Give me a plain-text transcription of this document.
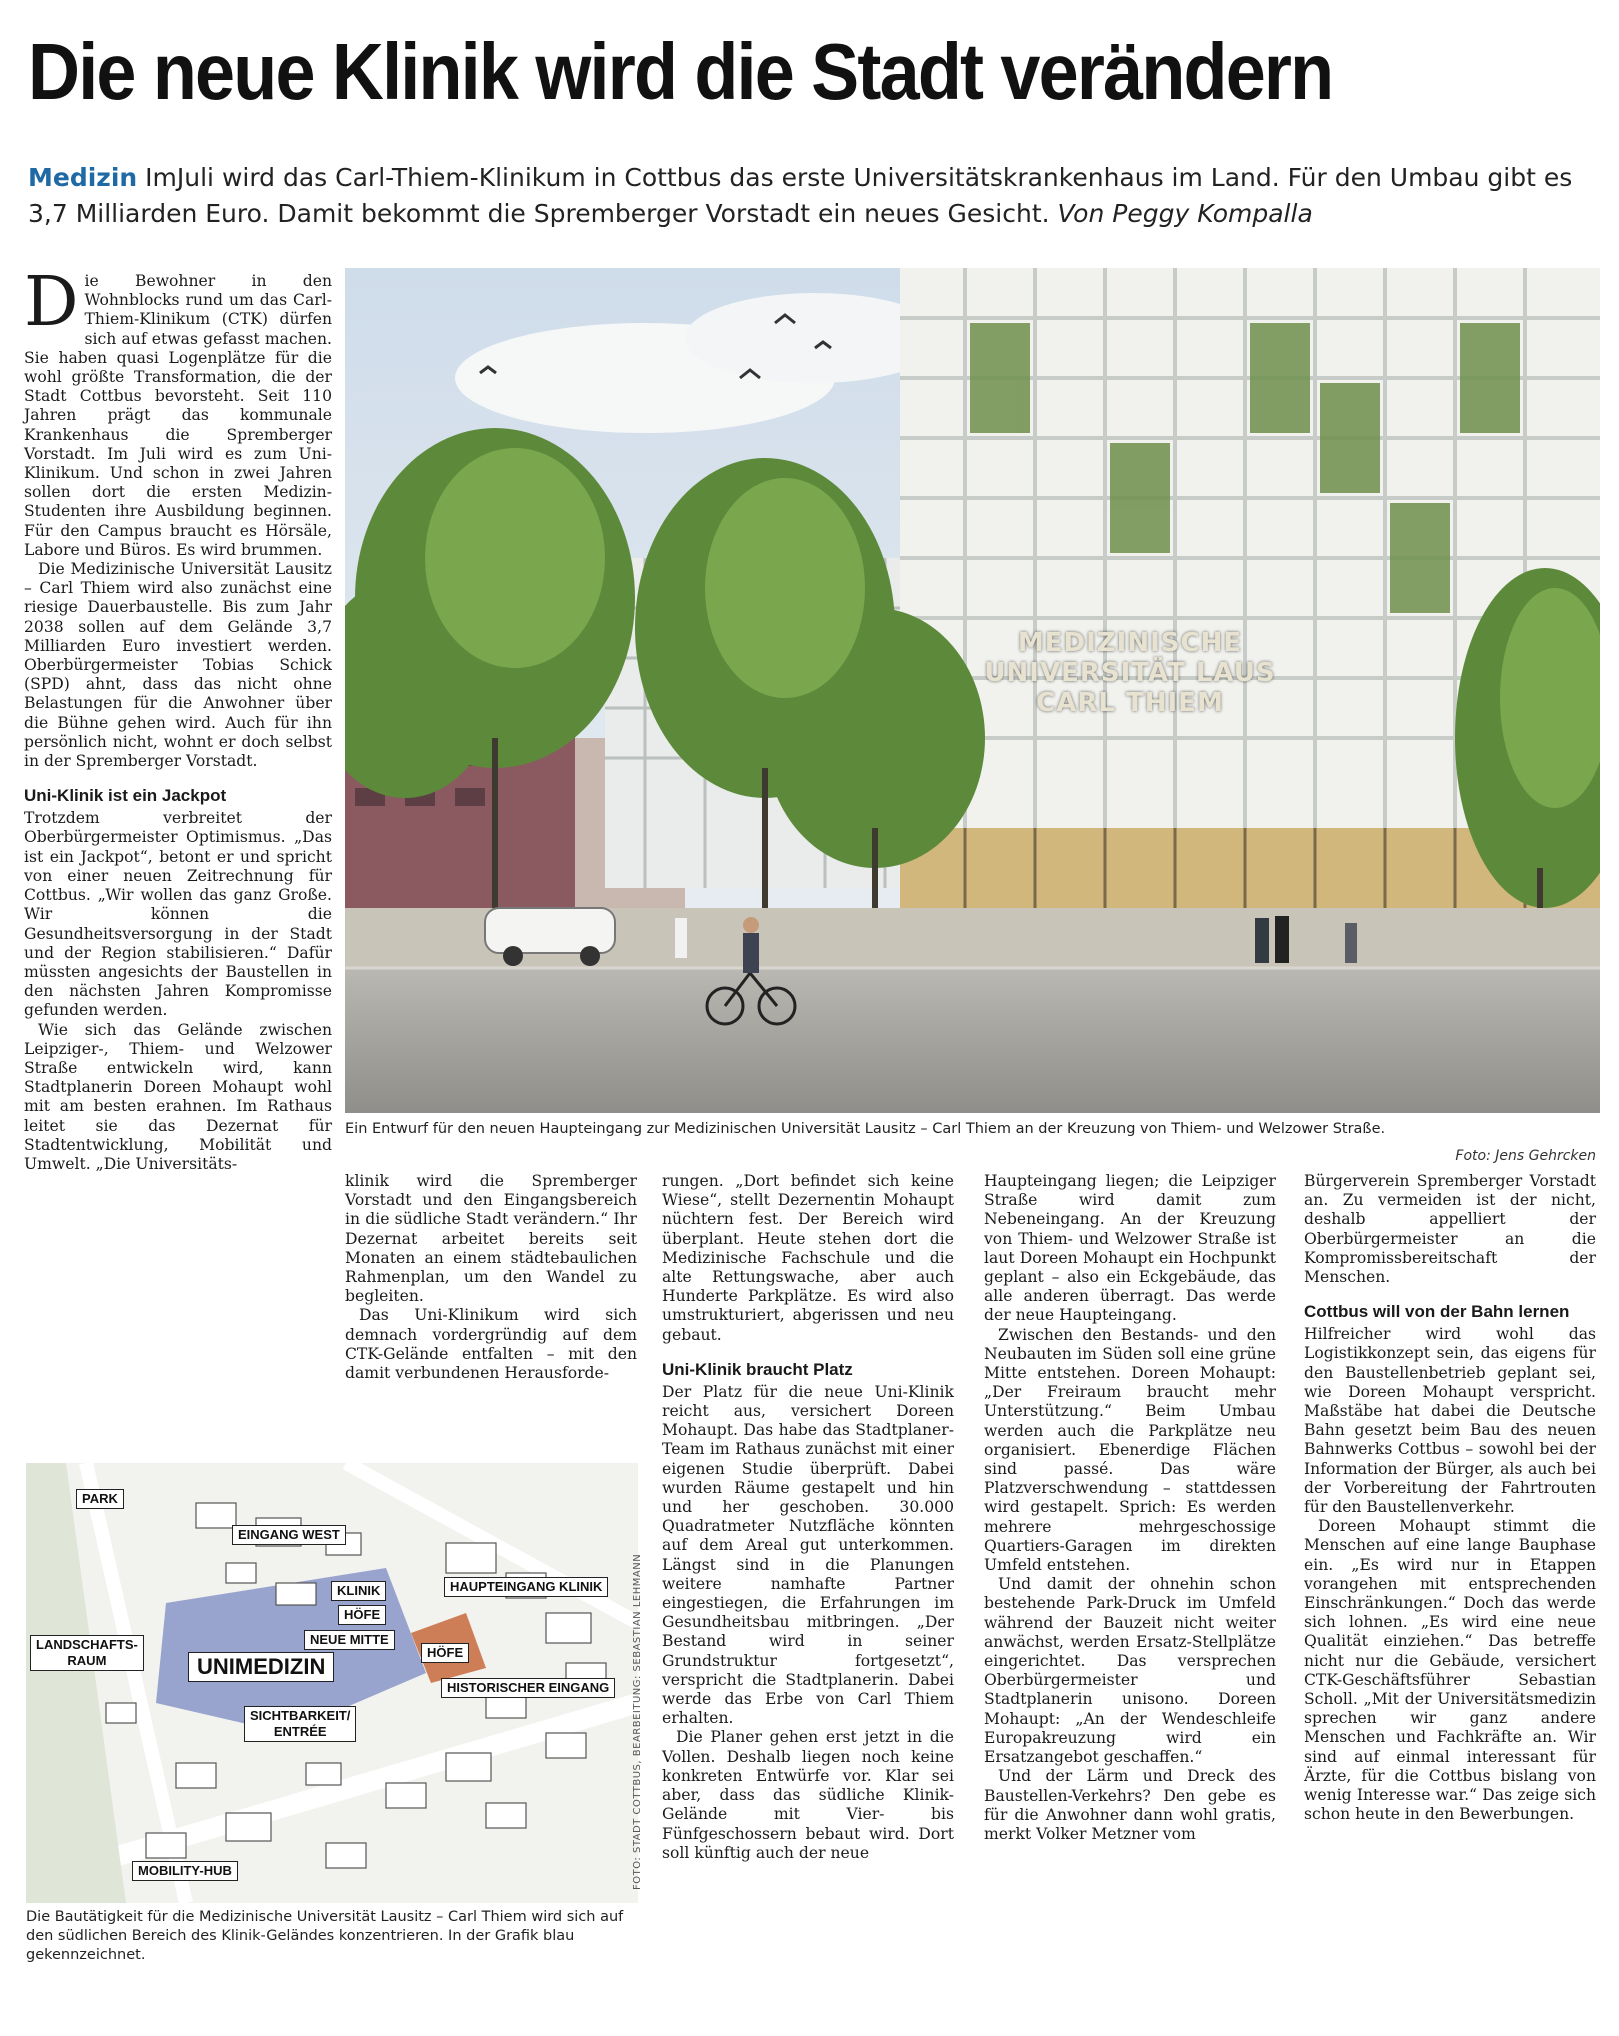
Die neue Klinik wird die Stadt verändern
Medizin ImJuli wird das Carl-Thiem-Klinikum in Cottbus das erste Universitätskrankenhaus im Land. Für den Umbau gibt es 3,7 Milliarden Euro. Damit bekommt die Spremberger Vorstadt ein neues Gesicht. Von Peggy Kompalla

Die Bewohner in den Wohnblocks rund um das Carl-Thiem-Klinikum (CTK) dürfen sich auf etwas gefasst machen. Sie haben quasi Logenplätze für die wohl größte Transformation, die der Stadt Cottbus bevorsteht. Seit 110 Jahren prägt das kommunale Krankenhaus die Spremberger Vorstadt. Im Juli wird es zum Uni-Klinikum. Und schon in zwei Jahren sollen dort die ersten Medizin-Studenten ihre Ausbildung beginnen. Für den Campus braucht es Hörsäle, Labore und Büros. Es wird brummen.

Die Medizinische Universität Lausitz – Carl Thiem wird also zunächst eine riesige Dauerbaustelle. Bis zum Jahr 2038 sollen auf dem Gelände 3,7 Milliarden Euro investiert werden. Oberbürgermeister Tobias Schick (SPD) ahnt, dass das nicht ohne Belastungen für die Anwohner über die Bühne gehen wird. Auch für ihn persönlich nicht, wohnt er doch selbst in der Spremberger Vorstadt.

Uni-Klinik ist ein Jackpot

Trotzdem verbreitet der Oberbürgermeister Optimismus. „Das ist ein Jackpot“, betont er und spricht von einer neuen Zeitrechnung für Cottbus. „Wir wollen das ganz Große. Wir können die Gesundheitsversorgung in der Stadt und der Region stabilisieren.“ Dafür müssten angesichts der Baustellen in den nächsten Jahren Kompromisse gefunden werden.

Wie sich das Gelände zwischen Leipziger-, Thiem- und Welzower Straße entwickeln wird, kann Stadtplanerin Doreen Mohaupt wohl mit am besten erahnen. Im Rathaus leitet sie das Dezernat für Stadtentwicklung, Mobilität und Umwelt. „Die Universitäts-

MEDIZINISCHE UNIVERSITÄT LAUS
CARL THIEM
Ein Entwurf für den neuen Haupteingang zur Medizinischen Universität Lausitz – Carl Thiem an der Kreuzung von Thiem- und Welzower Straße.
Foto: Jens Gehrcken

klinik wird die Spremberger Vorstadt und den Eingangsbereich in die südliche Stadt verändern.“ Ihr Dezernat arbeitet bereits seit Monaten an einem städtebaulichen Rahmenplan, um den Wandel zu begleiten.

Das Uni-Klinikum wird sich demnach vordergründig auf dem CTK-Gelände entfalten – mit den damit verbundenen Herausforde-

PARK
EINGANG WEST
KLINIK	HAUPTEINGANG KLINIK
HÖFE
NEUE MITTE
HÖFE
LANDSCHAFTS-
RAUM	UNIMEDIZIN
HISTORISCHER EINGANG
SICHTBARKEIT/
ENTRÉE
MOBILITY-HUB	FOTO: STADT COTTBUS, BEARBEITUNG: SEBASTIAN LEHMANN
Die Bautätigkeit für die Medizinische Universität Lausitz – Carl Thiem wird sich auf den südlichen Bereich des Klinik-Geländes konzentrieren. In der Grafik blau gekennzeichnet.

rungen. „Dort befindet sich keine Wiese“, stellt Dezernentin Mohaupt nüchtern fest. Der Bereich wird überplant. Heute stehen dort die Medizinische Fachschule und die alte Rettungswache, aber auch Hunderte Parkplätze. Es wird also umstrukturiert, abgerissen und neu gebaut.

Uni-Klinik braucht Platz

Der Platz für die neue Uni-Klinik reicht aus, versichert Doreen Mohaupt. Das habe das Stadtplaner-Team im Rathaus zunächst mit einer eigenen Studie überprüft. Dabei wurden Räume gestapelt und hin und her geschoben. 30.000 Quadratmeter Nutzfläche könnten auf dem Areal gut unterkommen. Längst sind in die Planungen weitere namhafte Partner eingestiegen, die Erfahrungen im Gesundheitsbau mitbringen. „Der Bestand wird in seiner Grundstruktur fortgesetzt“, verspricht die Stadtplanerin. Dabei werde das Erbe von Carl Thiem erhalten.

Die Planer gehen erst jetzt in die Vollen. Deshalb liegen noch keine konkreten Entwürfe vor. Klar sei aber, dass das südliche Klinik-Gelände mit Vier- bis Fünfgeschossern bebaut wird. Dort soll künftig auch der neue

Haupteingang liegen; die Leipziger Straße wird damit zum Nebeneingang. An der Kreuzung von Thiem- und Welzower Straße ist laut Doreen Mohaupt ein Hochpunkt geplant – also ein Eckgebäude, das alle anderen überragt. Das werde der neue Haupteingang.

Zwischen den Bestands- und den Neubauten im Süden soll eine grüne Mitte entstehen. Doreen Mohaupt: „Der Freiraum braucht mehr Unterstützung.“ Beim Umbau werden auch die Parkplätze neu organisiert. Ebenerdige Flächen sind passé. Das wäre Platzverschwendung – stattdessen wird gestapelt. Sprich: Es werden mehrere mehrgeschossige Quartiers-Garagen im direkten Umfeld entstehen.

Und damit der ohnehin schon bestehende Park-Druck im Umfeld während der Bauzeit nicht weiter anwächst, werden Ersatz-Stellplätze eingerichtet. Das versprechen Oberbürgermeister und Stadtplanerin unisono. Doreen Mohaupt: „An der Wendeschleife Europakreuzung wird ein Ersatzangebot geschaffen.“

Und der Lärm und Dreck des Baustellen-Verkehrs? Den gebe es für die Anwohner dann wohl gratis, merkt Volker Metzner vom

Bürgerverein Spremberger Vorstadt an. Zu vermeiden ist der nicht, deshalb appelliert der Oberbürgermeister an die Kompromissbereitschaft der Menschen.

Cottbus will von der Bahn lernen

Hilfreicher wird wohl das Logistikkonzept sein, das eigens für den Baustellenbetrieb geplant sei, wie Doreen Mohaupt verspricht. Maßstäbe hat dabei die Deutsche Bahn gesetzt beim Bau des neuen Bahnwerks Cottbus – sowohl bei der Information der Bürger, als auch bei der Vorbereitung der Fahrtrouten für den Baustellenverkehr.

Doreen Mohaupt stimmt die Menschen auf eine lange Bauphase ein. „Es wird nur in Etappen vorangehen mit entsprechenden Einschränkungen.“ Doch das werde sich lohnen. „Es wird eine neue Qualität einziehen.“ Das betreffe nicht nur die Gebäude, versichert CTK-Geschäftsführer Sebastian Scholl. „Mit der Universitätsmedizin sprechen wir ganz andere Menschen und Fachkräfte an. Wir sind auf einmal interessant für Ärzte, für die Cottbus bislang von wenig Interesse war.“ Das zeige sich schon heute in den Bewerbungen.
